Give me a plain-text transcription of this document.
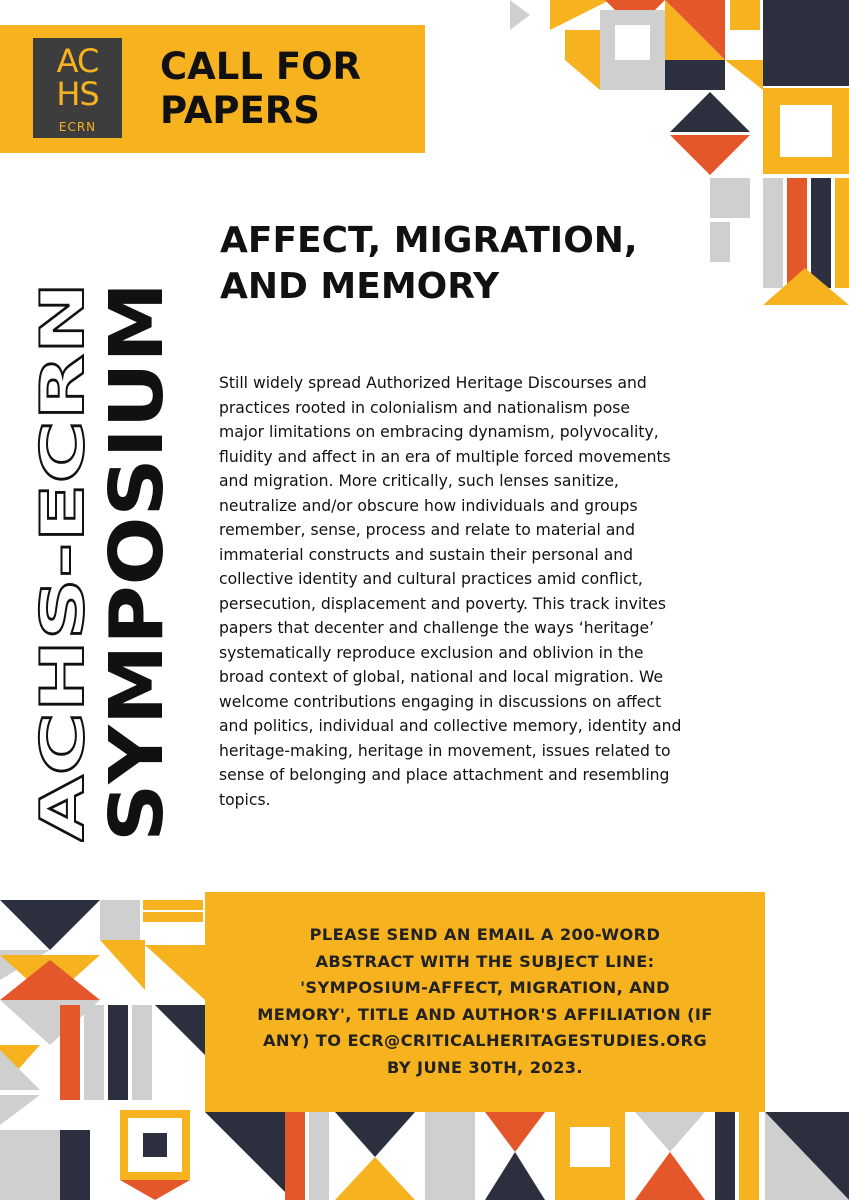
AC
HS
ECRN
CALL FOR
PAPERS
AFFECT, MIGRATION,
AND MEMORY
ACHS-ECRN
SYMPOSIUM	Still widely spread Authorized Heritage Discourses and
practices rooted in colonialism and nationalism pose
major limitations on embracing dynamism, polyvocality,
fluidity and affect in an era of multiple forced movements
and migration. More critically, such lenses sanitize,
neutralize and/or obscure how individuals and groups
remember, sense, process and relate to material and
immaterial constructs and sustain their personal and
collective identity and cultural practices amid conflict,
persecution, displacement and poverty. This track invites
papers that decenter and challenge the ways ‘heritage’
systematically reproduce exclusion and oblivion in the
broad context of global, national and local migration. We
welcome contributions engaging in discussions on affect
and politics, individual and collective memory, identity and
heritage-making, heritage in movement, issues related to
sense of belonging and place attachment and resembling
topics.
PLEASE SEND AN EMAIL A 200-WORD
ABSTRACT WITH THE SUBJECT LINE:
'SYMPOSIUM-AFFECT, MIGRATION, AND
MEMORY', TITLE AND AUTHOR'S AFFILIATION (IF
ANY) TO ECR@CRITICALHERITAGESTUDIES.ORG
BY JUNE 30TH, 2023.
